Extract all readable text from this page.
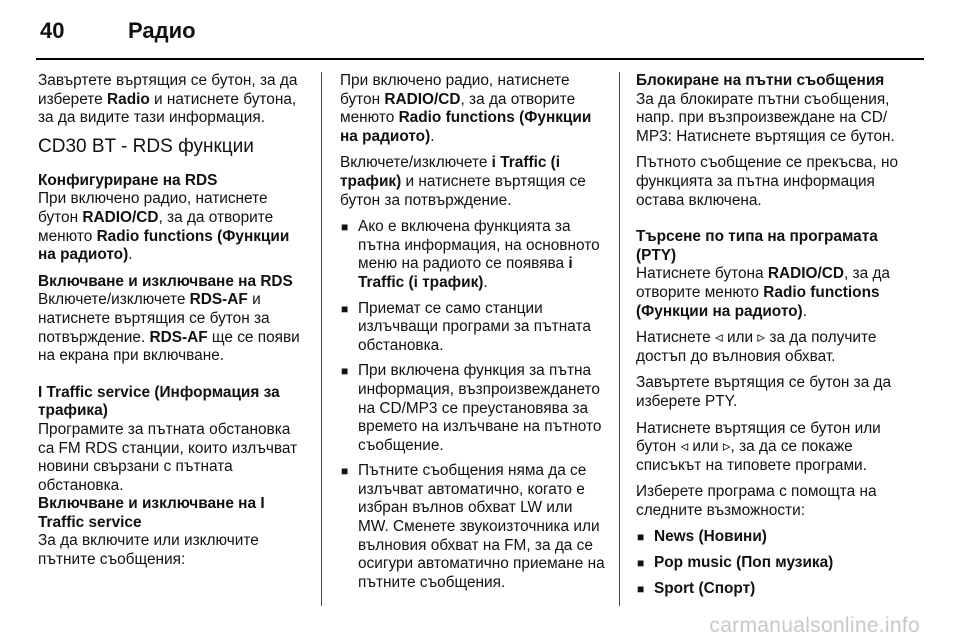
40	Радио

Завъртете въртящия се бутон, за да изберете Radio и натиснете бутона, за да видите тази информация.

CD30 BT - RDS функции
Конфигуриране на RDS

При включено радио, натиснете бутон RADIO/CD, за да отворите менюто Radio functions (Функции на радиото).

Включване и изключване на RDS

Включете/изключете RDS-AF и натиснете въртящия се бутон за потвърждение. RDS-AF ще се появи на екрана при включване.

I Traffic service (Информация за трафика)

Програмите за пътната обстановка са FM RDS станции, които излъчват новини свързани с пътната обстановка.

Включване и изключване на I Traffic service

За да включите или изключите пътните съобщения:

При включено радио, натиснете бутон RADIO/CD, за да отворите менюто Radio functions (Функции на радиото).

Включете/изключете i Traffic (i трафик) и натиснете въртящия се бутон за потвърждение.

■ Ако е включена функцията за пътна информация, на основното меню на радиото се появява i Traffic (i трафик).
■ Приемат се само станции излъчващи програми за пътната обстановка.
■ При включена функция за пътна информация, възпроизвеждането на CD/MP3 се преустановява за времето на излъчване на пътното съобщение.
■ Пътните съобщения няма да се излъчват автоматично, когато е избран вълнов обхват LW или MW. Сменете звукоизточника или вълновия обхват на FM, за да се осигури автоматично приемане на пътните съобщения.
Блокиране на пътни съобщения

За да блокирате пътни съобщения, напр. при възпроизвеждане на CD/ MP3: Натиснете въртящия се бутон.

Пътното съобщение се прекъсва, но функцията за пътна информация остава включена.

Търсене по типа на програмата (PTY)

Натиснете бутона RADIO/CD, за да отворите менюто Radio functions (Функции на радиото).

Натиснете ◃ или ▹ за да получите достъп до вълновия обхват.

Завъртете въртящия се бутон за да изберете PTY.

Натиснете въртящия се бутон или бутон ◃ или ▹, за да се покаже списъкът на типовете програми.

Изберете програма с помощта на следните възможности:

■ News (Новини)
■ Pop music (Поп музика)
■ Sport (Спорт)
carmanualsonline.info
